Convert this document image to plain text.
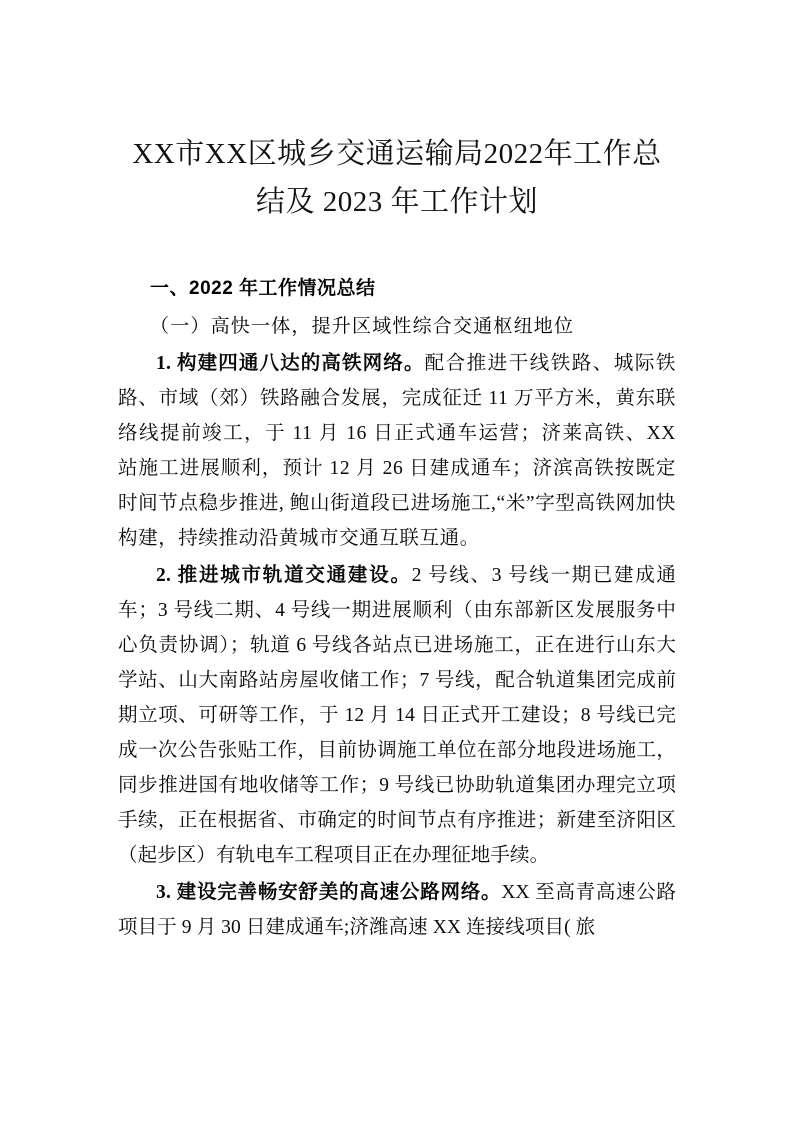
XX市XX区城乡交通运输局2022年工作总
结及 2023 年工作计划
一、2022 年工作情况总结
（一）高快一体，提升区域性综合交通枢纽地位

1. 构建四通八达的高铁网络。配合推进干线铁路、城际铁路、市域（郊）铁路融合发展，完成征迁 11 万平方米，黄东联络线提前竣工，于 11 月 16 日正式通车运营；济莱高铁、XX 站施工进展顺利，预计 12 月 26 日建成通车；济滨高铁按既定时间节点稳步推进, 鲍山街道段已进场施工,“米”字型高铁网加快构建，持续推动沿黄城市交通互联互通。

2. 推进城市轨道交通建设。2 号线、3 号线一期已建成通车；3 号线二期、4 号线一期进展顺利（由东部新区发展服务中心负责协调）；轨道 6 号线各站点已进场施工，正在进行山东大学站、山大南路站房屋收储工作；7 号线，配合轨道集团完成前期立项、可研等工作，于 12 月 14 日正式开工建设；8 号线已完成一次公告张贴工作，目前协调施工单位在部分地段进场施工，同步推进国有地收储等工作；9 号线已协助轨道集团办理完立项手续，正在根据省、市确定的时间节点有序推进；新建至济阳区（起步区）有轨电车工程项目正在办理征地手续。

3. 建设完善畅安舒美的高速公路网络。XX 至高青高速公路项目于 9 月 30 日建成通车;济潍高速 XX 连接线项目( 旅
